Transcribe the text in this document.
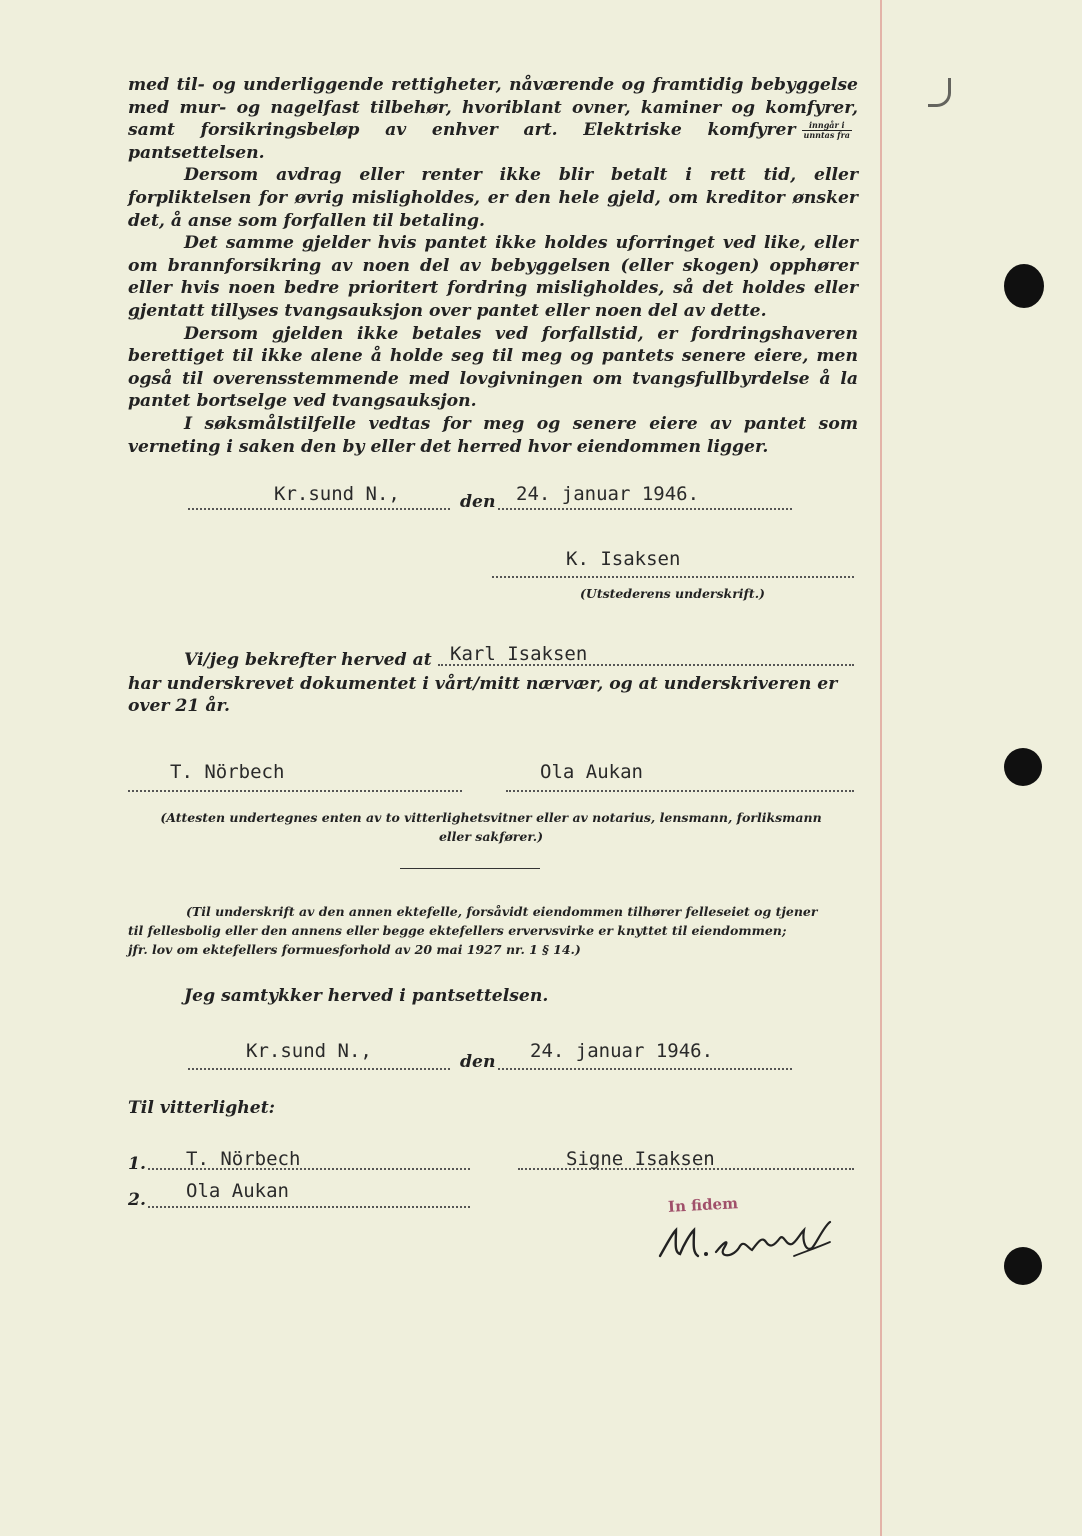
med til- og underliggende rettigheter, nåværende og framtidig bebyggelse med mur- og nagelfast tilbehør, hvoriblant ovner, kaminer og komfyrer, samt forsikringsbeløp av enhver art. Elektriske komfyrer $\frac{\text{inngår i}}{\text{unntas fra}}$
pantsettelsen.

Dersom avdrag eller renter ikke blir betalt i rett tid, eller forpliktelsen for øvrig misligholdes, er den hele gjeld, om kreditor ønsker det, å anse som forfallen til betaling.

Det samme gjelder hvis pantet ikke holdes uforringet ved like, eller om brannforsikring av noen del av bebyggelsen (eller skogen) opphører eller hvis noen bedre prioritert fordring misligholdes, så det holdes eller gjentatt tillyses tvangsauksjon over pantet eller noen del av dette.

Dersom gjelden ikke betales ved forfallstid, er fordringshaveren berettiget til ikke alene å holde seg til meg og pantets senere eiere, men også til overensstemmende med lovgivningen om tvangsfullbyrdelse å la pantet bortselge ved tvangsauksjon.

I søksmålstilfelle vedtas for meg og senere eiere av pantet som verneting i saken den by eller det herred hvor eiendommen ligger.

Kr.sund N.,	den 24. januar 1946.
K. Isaksen
(Utstederens underskrift.)
Vi/jeg bekrefter herved at Karl Isaksen
har underskrevet dokumentet i vårt/mitt nærvær, og at underskriveren er
over 21 år.
T. Nörbech	Ola Aukan
(Attesten undertegnes enten av to vitterlighetsvitner eller av notarius, lensmann, forliksmann
eller sakfører.)
(Til underskrift av den annen ektefelle, forsåvidt eiendommen tilhører felleseiet og tjener
til fellesbolig eller den annens eller begge ektefellers ervervsvirke er knyttet til eiendommen;
jfr. lov om ektefellers formuesforhold av 20 mai 1927 nr. 1 § 14.)
Jeg samtykker herved i pantsettelsen.
Kr.sund N.,	den 24. januar 1946.
Til vitterlighet:
1. T. Nörbech	Signe Isaksen
2. Ola Aukan
In fidem
